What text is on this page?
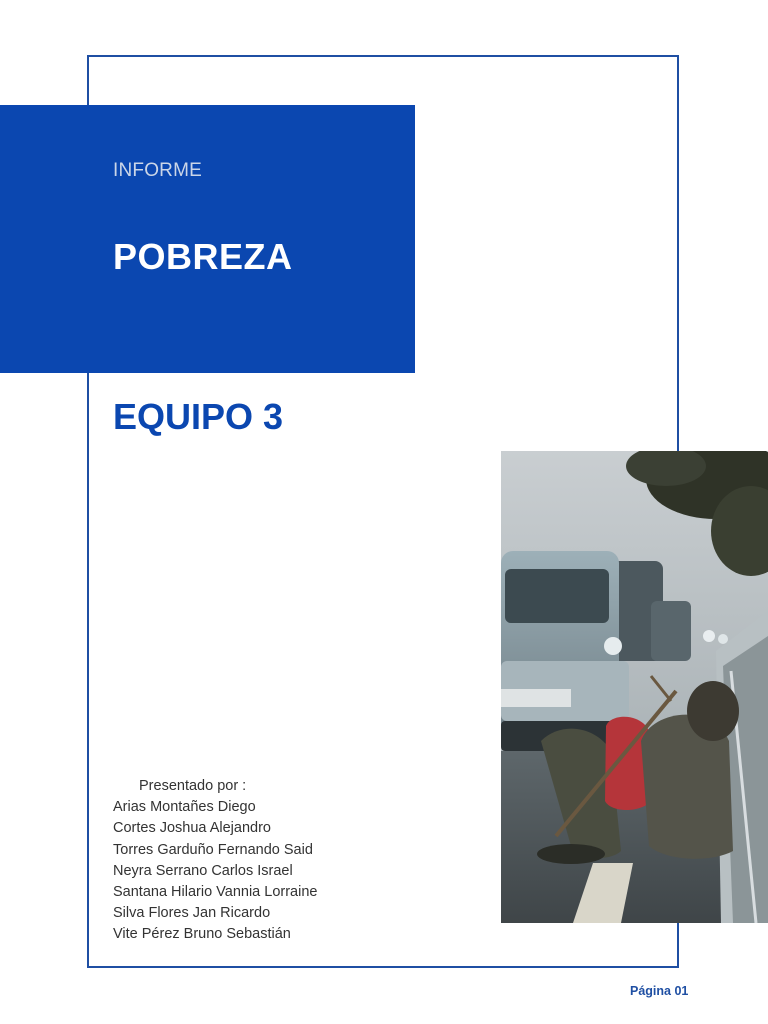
INFORME
POBREZA
EQUIPO 3
Presentado por :
Arias Montañes Diego
Cortes Joshua Alejandro
Torres Garduño Fernando Said
Neyra Serrano Carlos Israel
Santana Hilario Vannia Lorraine
Silva Flores Jan Ricardo
Vite Pérez Bruno Sebastián
Página 01
